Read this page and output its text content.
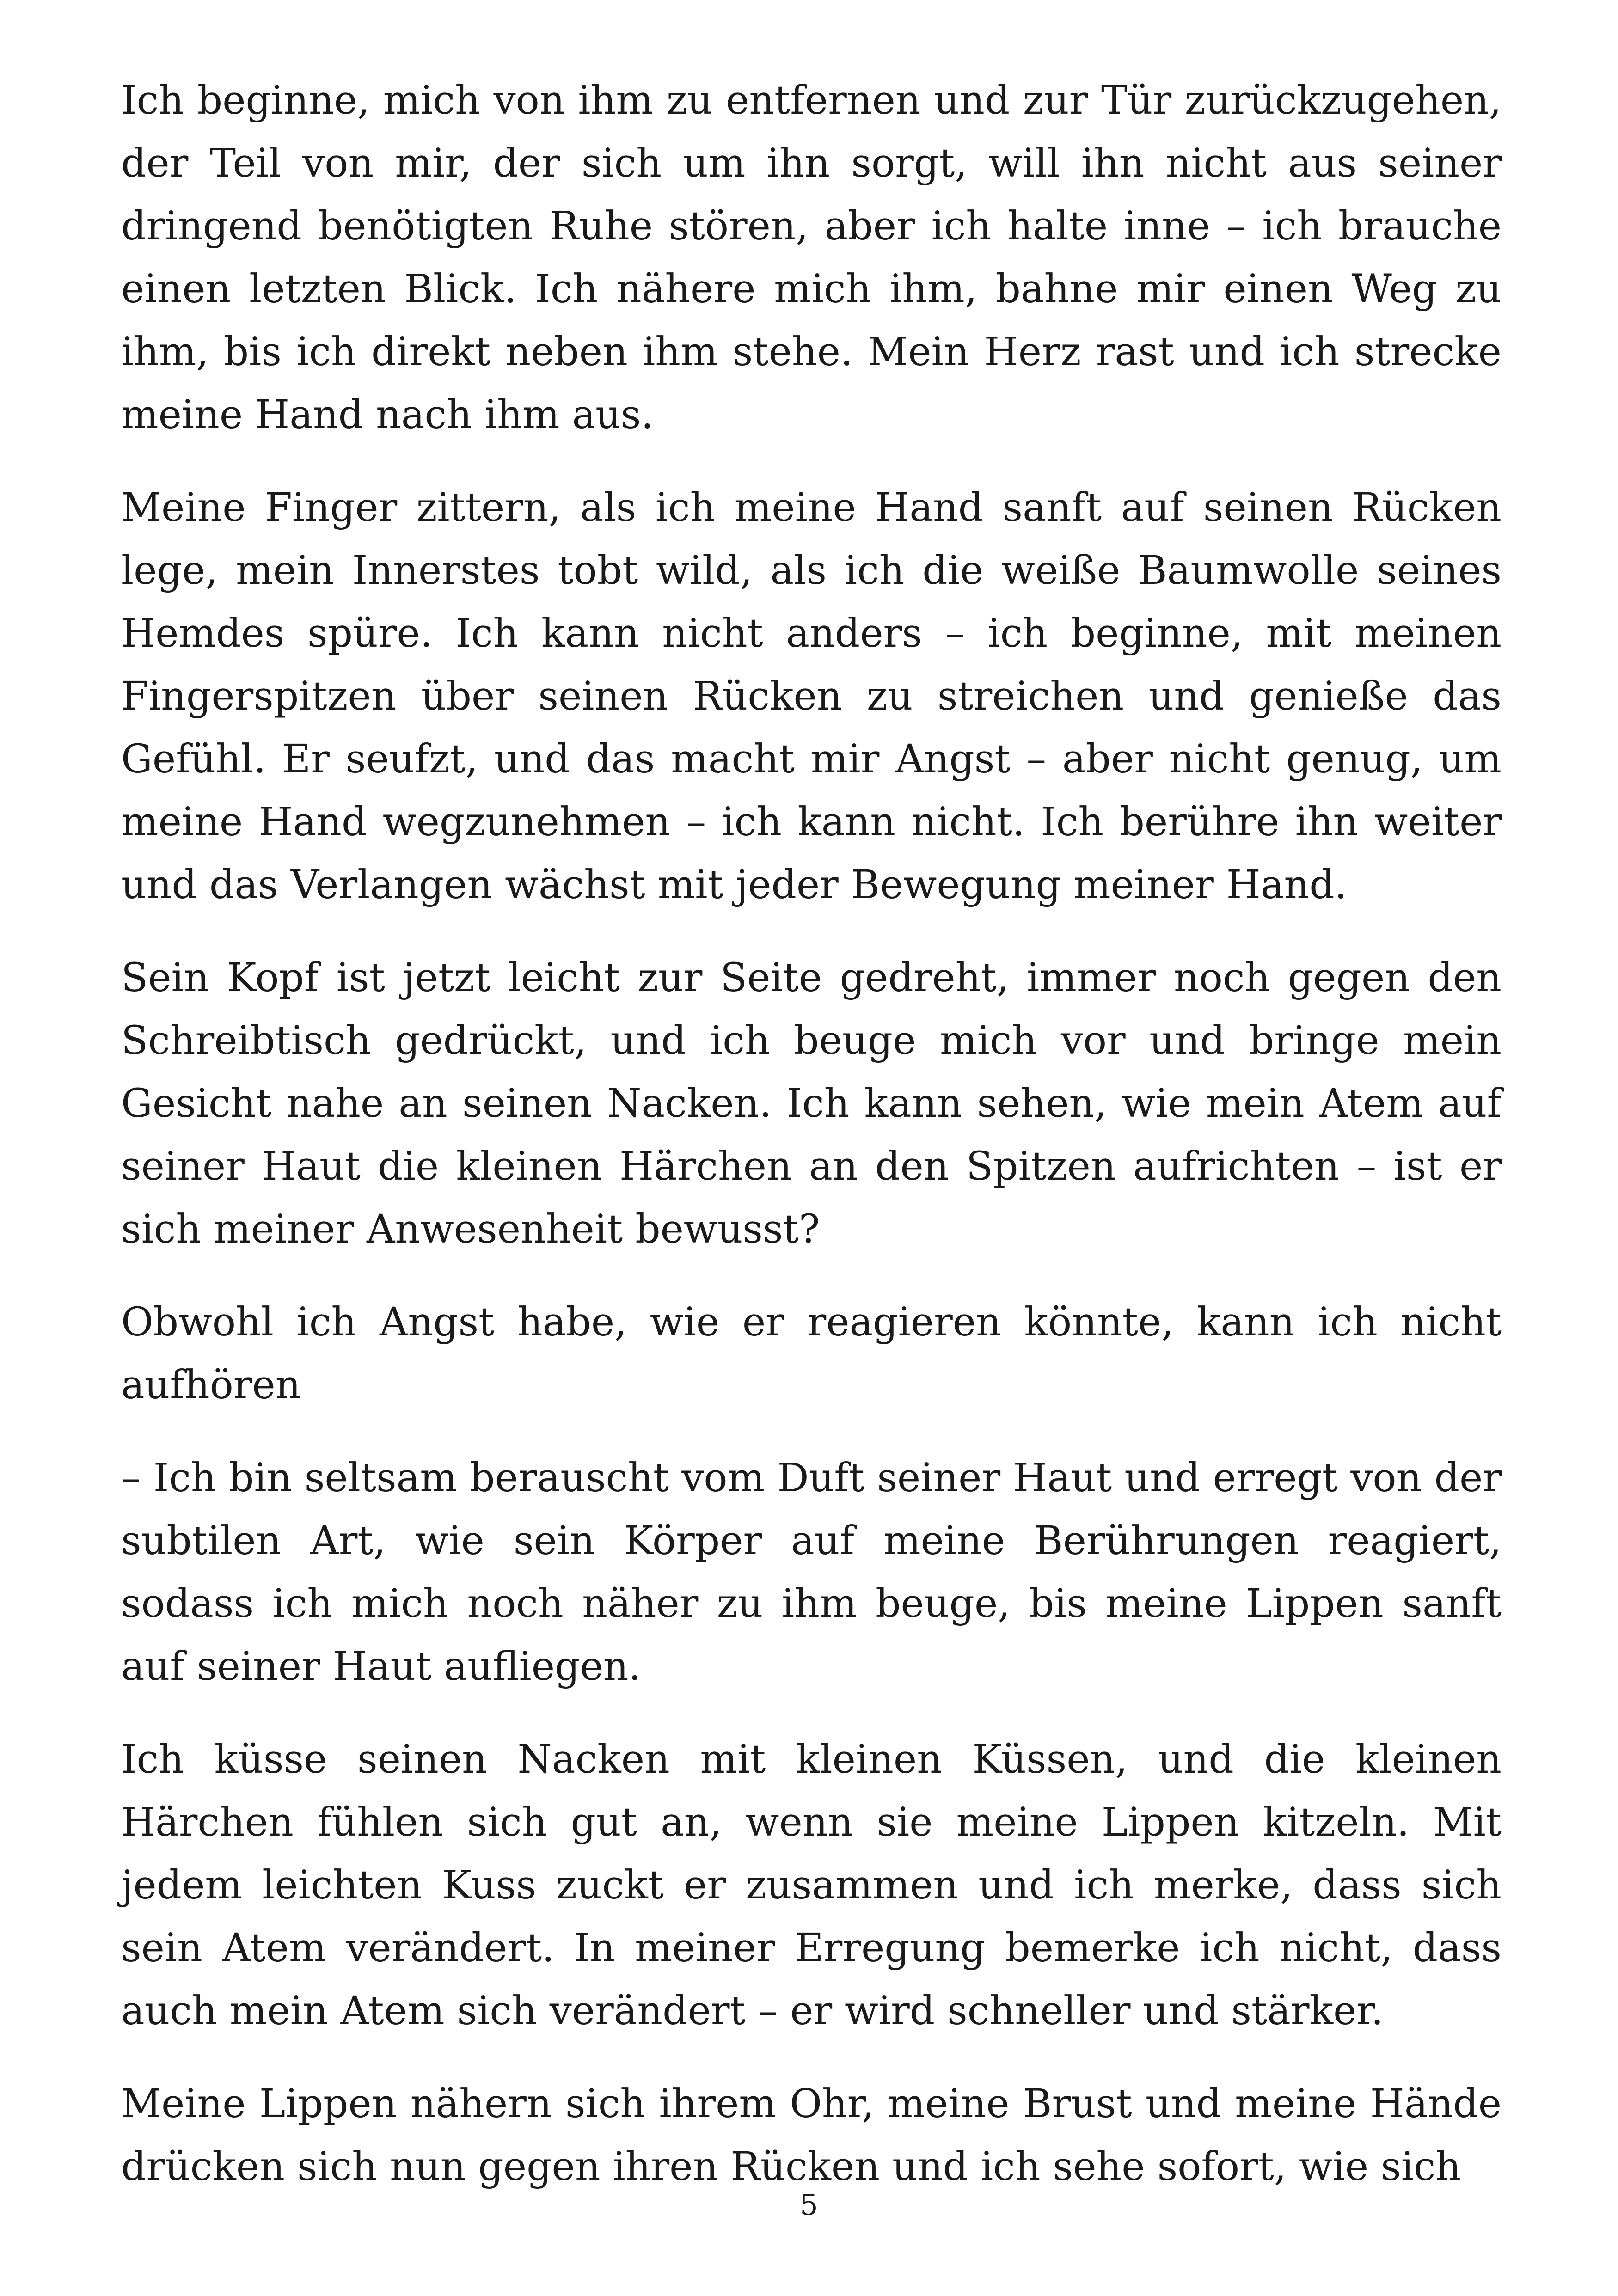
Ich beginne, mich von ihm zu entfernen und zur Tür zurückzugehen, der Teil von mir, der sich um ihn sorgt, will ihn nicht aus seiner dringend benötigten Ruhe stören, aber ich halte inne – ich brauche einen letzten Blick. Ich nähere mich ihm, bahne mir einen Weg zu ihm, bis ich direkt neben ihm stehe. Mein Herz rast und ich strecke meine Hand nach ihm aus.

Meine Finger zittern, als ich meine Hand sanft auf seinen Rücken lege, mein Innerstes tobt wild, als ich die weiße Baumwolle seines Hemdes spüre. Ich kann nicht anders – ich beginne, mit meinen Fingerspitzen über seinen Rücken zu streichen und genieße das Gefühl. Er seufzt, und das macht mir Angst – aber nicht genug, um meine Hand wegzunehmen – ich kann nicht. Ich berühre ihn weiter und das Verlangen wächst mit jeder Bewegung meiner Hand.

Sein Kopf ist jetzt leicht zur Seite gedreht, immer noch gegen den Schreibtisch gedrückt, und ich beuge mich vor und bringe mein Gesicht nahe an seinen Nacken. Ich kann sehen, wie mein Atem auf seiner Haut die kleinen Härchen an den Spitzen aufrichten – ist er sich meiner Anwesenheit bewusst?

Obwohl ich Angst habe, wie er reagieren könnte, kann ich nicht aufhören

– Ich bin seltsam berauscht vom Duft seiner Haut und erregt von der subtilen Art, wie sein Körper auf meine Berührungen reagiert, sodass ich mich noch näher zu ihm beuge, bis meine Lippen sanft auf seiner Haut aufliegen.

Ich küsse seinen Nacken mit kleinen Küssen, und die kleinen Härchen fühlen sich gut an, wenn sie meine Lippen kitzeln. Mit jedem leichten Kuss zuckt er zusammen und ich merke, dass sich sein Atem verändert. In meiner Erregung bemerke ich nicht, dass auch mein Atem sich verändert – er wird schneller und stärker.

Meine Lippen nähern sich ihrem Ohr, meine Brust und meine Hände drücken sich nun gegen ihren Rücken und ich sehe sofort, wie sich

5
